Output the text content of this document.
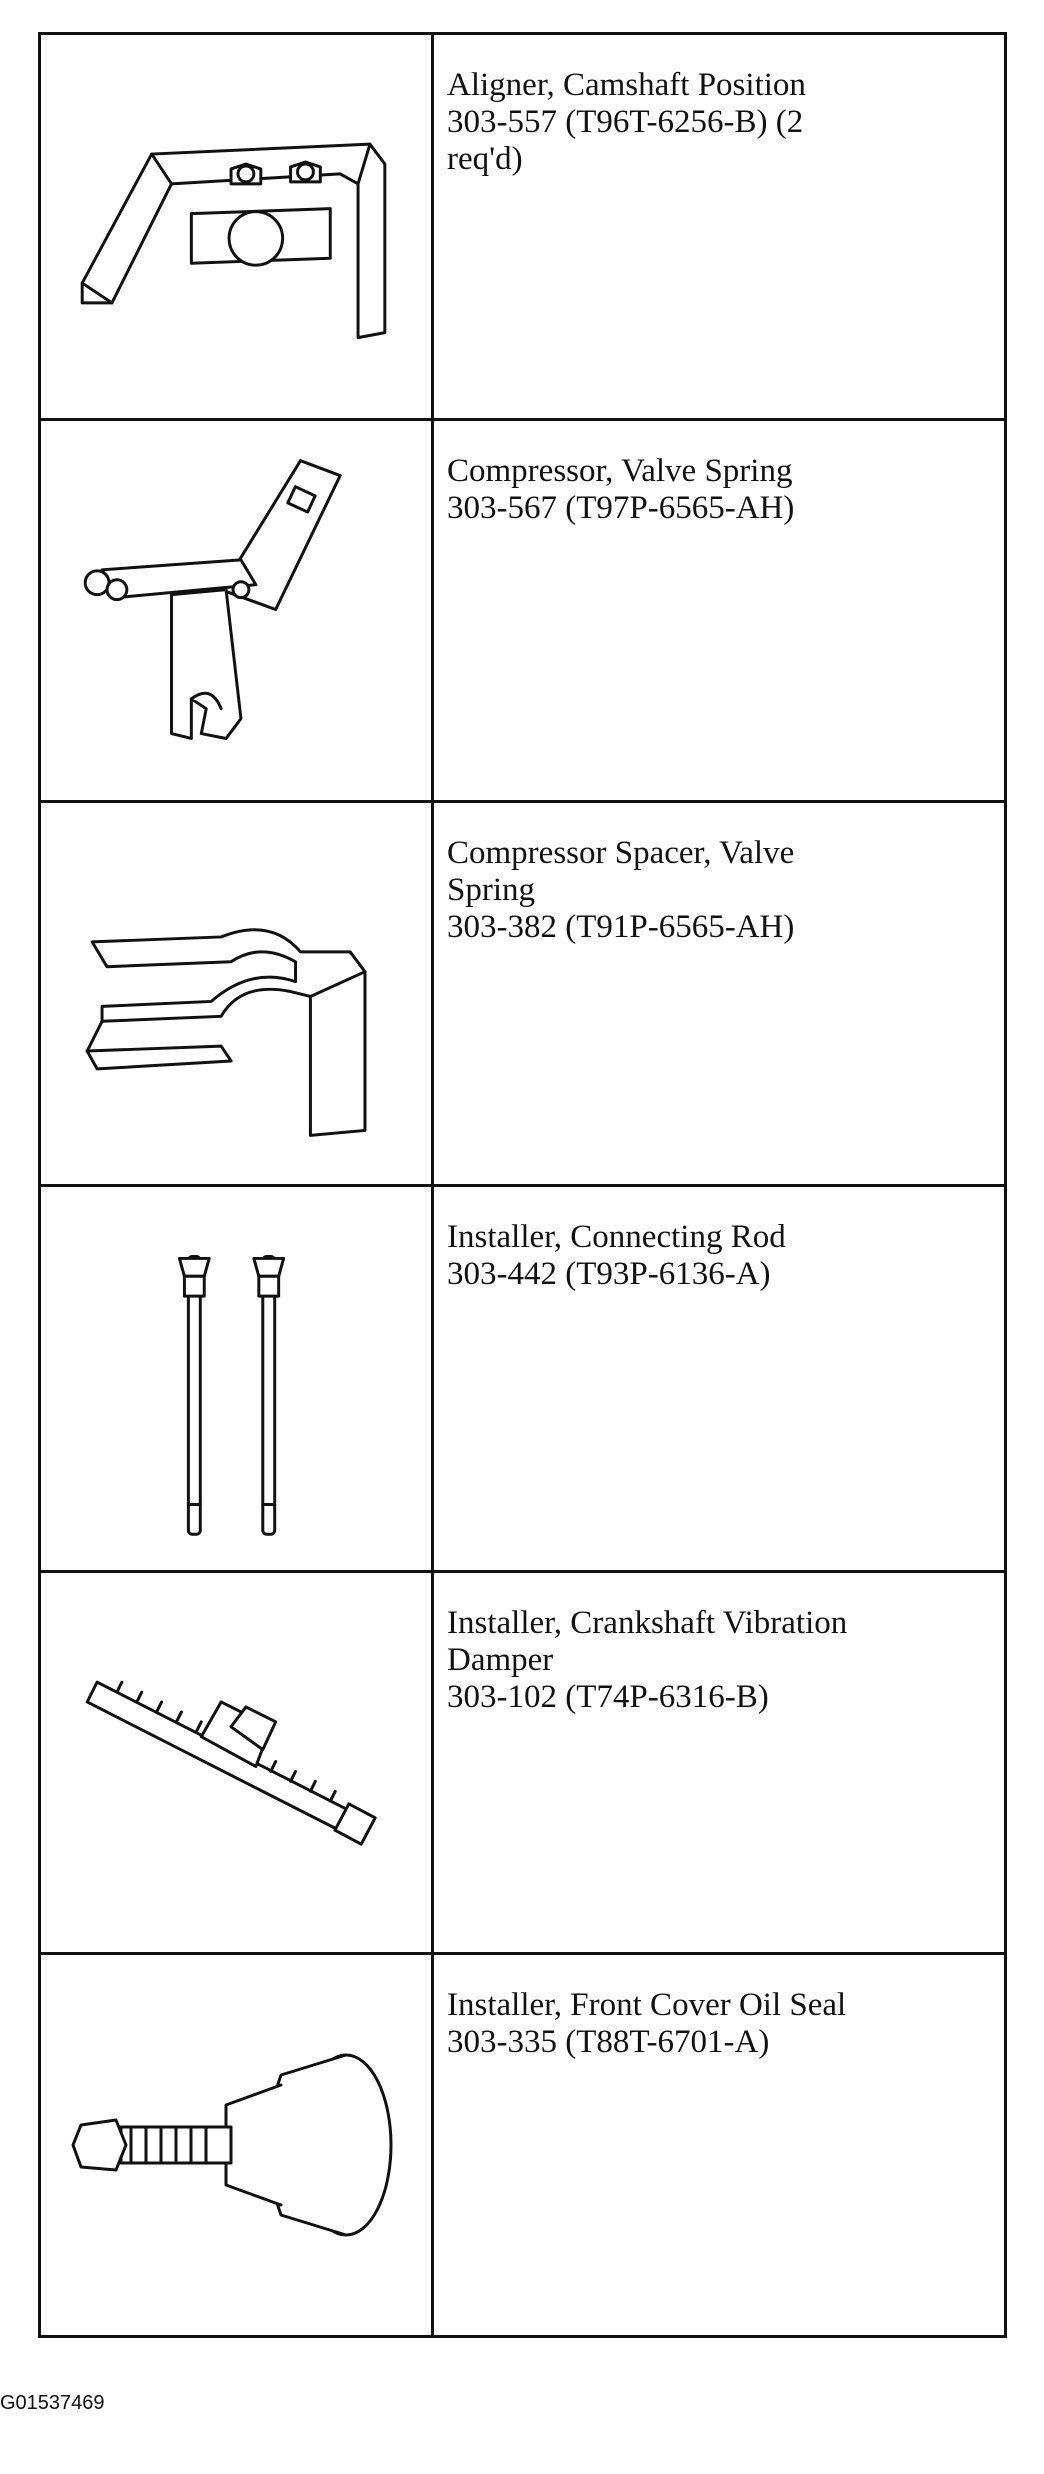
Aligner, Camshaft Position
303-557 (T96T-6256-B) (2
req'd)
Compressor, Valve Spring
303-567 (T97P-6565-AH)
Compressor Spacer, Valve
Spring
303-382 (T91P-6565-AH)
Installer, Connecting Rod
303-442 (T93P-6136-A)
Installer, Crankshaft Vibration
Damper
303-102 (T74P-6316-B)
Installer, Front Cover Oil Seal
303-335 (T88T-6701-A)
G01537469
